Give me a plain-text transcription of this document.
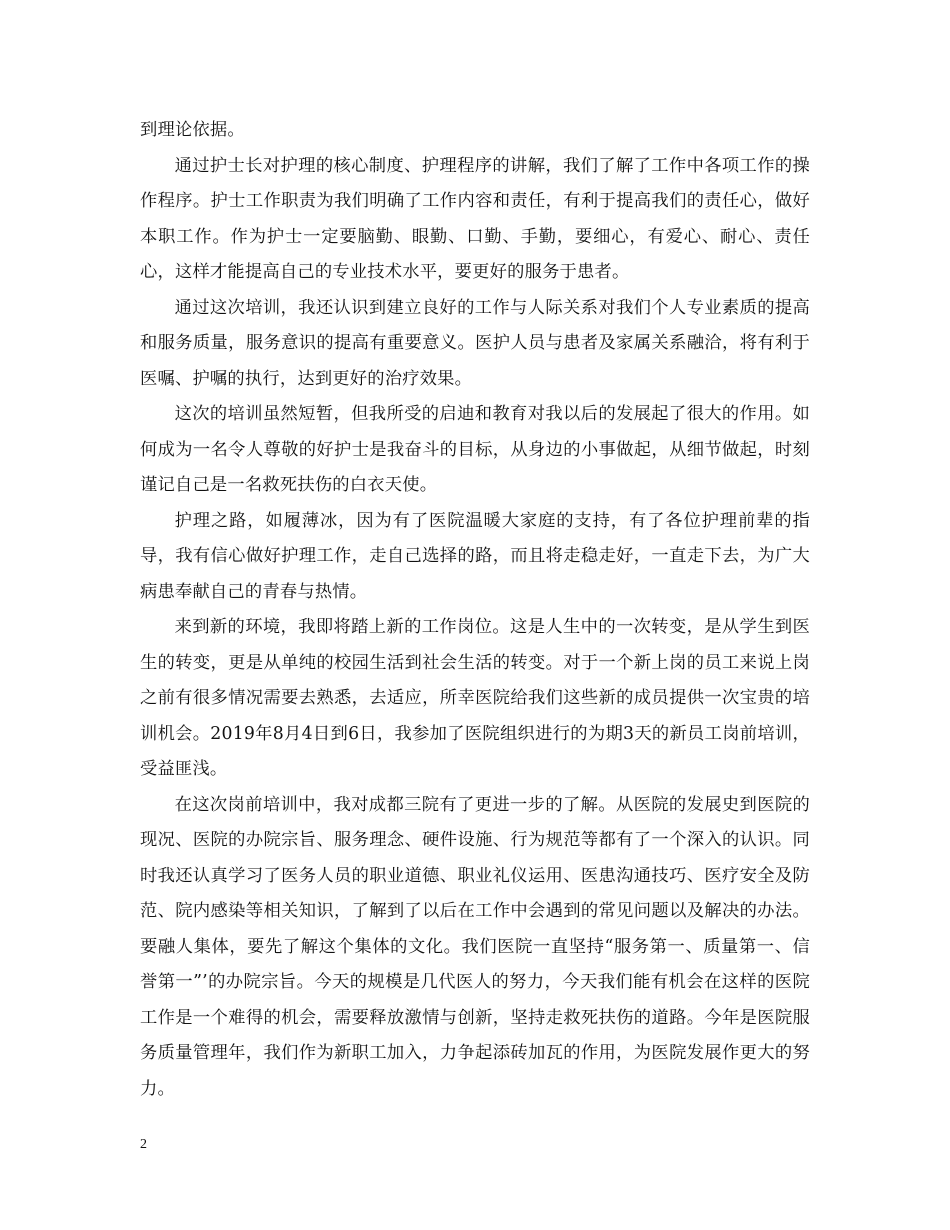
到理论依据。

通过护士长对护理的核心制度、护理程序的讲解，我们了解了工作中各项工作的操作程序。护士工作职责为我们明确了工作内容和责任，有利于提高我们的责任心，做好本职工作。作为护士一定要脑勤、眼勤、口勤、手勤，要细心，有爱心、耐心、责任心，这样才能提高自己的专业技术水平，要更好的服务于患者。

通过这次培训，我还认识到建立良好的工作与人际关系对我们个人专业素质的提高和服务质量，服务意识的提高有重要意义。医护人员与患者及家属关系融洽，将有利于医嘱、护嘱的执行，达到更好的治疗效果。

这次的培训虽然短暂，但我所受的启迪和教育对我以后的发展起了很大的作用。如何成为一名令人尊敬的好护士是我奋斗的目标，从身边的小事做起，从细节做起，时刻谨记自己是一名救死扶伤的白衣天使。

护理之路，如履薄冰，因为有了医院温暖大家庭的支持，有了各位护理前辈的指导，我有信心做好护理工作，走自己选择的路，而且将走稳走好，一直走下去，为广大病患奉献自己的青春与热情。

来到新的环境，我即将踏上新的工作岗位。这是人生中的一次转变，是从学生到医生的转变，更是从单纯的校园生活到社会生活的转变。对于一个新上岗的员工来说上岗之前有很多情况需要去熟悉，去适应，所幸医院给我们这些新的成员提供一次宝贵的培训机会。2019年8月4日到6日，我参加了医院组织进行的为期3天的新员工岗前培训，受益匪浅。

在这次岗前培训中，我对成都三院有了更进一步的了解。从医院的发展史到医院的现况、医院的办院宗旨、服务理念、硬件设施、行为规范等都有了一个深入的认识。同时我还认真学习了医务人员的职业道德、职业礼仪运用、医患沟通技巧、医疗安全及防范、院内感染等相关知识，了解到了以后在工作中会遇到的常见问题以及解决的办法。要融人集体，要先了解这个集体的文化。我们医院一直坚持“服务第一、质量第一、信誉第一”’的办院宗旨。今天的规模是几代医人的努力，今天我们能有机会在这样的医院工作是一个难得的机会，需要释放激情与创新，坚持走救死扶伤的道路。今年是医院服务质量管理年，我们作为新职工加入，力争起添砖加瓦的作用，为医院发展作更大的努力。

2
